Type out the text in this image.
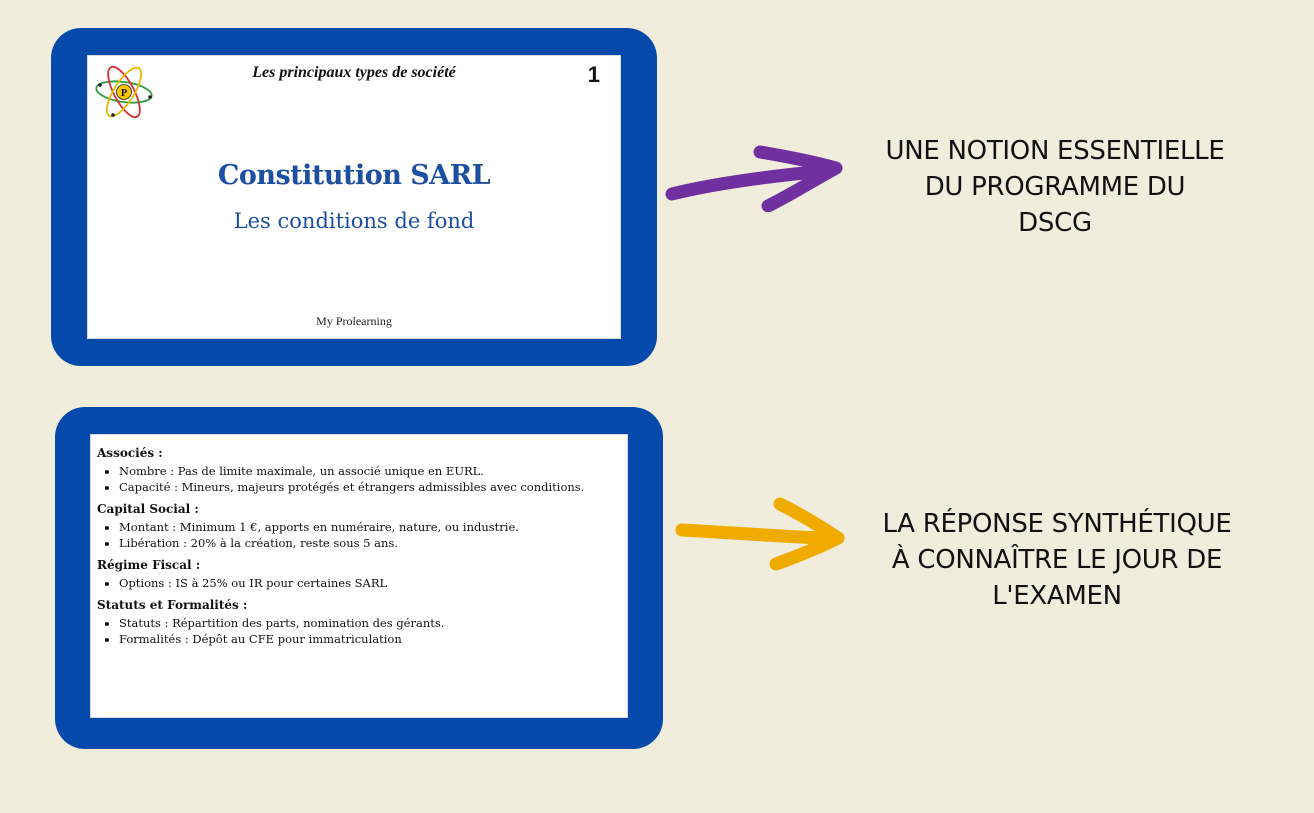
P
Les principaux types de société	1
Constitution SARL
Les conditions de fond
My Prolearning
UNE NOTION ESSENTIELLE
DU PROGRAMME DU
DSCG
Associés :
• Nombre : Pas de limite maximale, un associé unique en EURL.
• Capacité : Mineurs, majeurs protégés et étrangers admissibles avec conditions.
Capital Social :
• Montant : Minimum 1 €, apports en numéraire, nature, ou industrie.
• Libération : 20% à la création, reste sous 5 ans.
Régime Fiscal :
• Options : IS à 25% ou IR pour certaines SARL
Statuts et Formalités :
• Statuts : Répartition des parts, nomination des gérants.
• Formalités : Dépôt au CFE pour immatriculation
LA RÉPONSE SYNTHÉTIQUE
À CONNAÎTRE LE JOUR DE
L'EXAMEN
